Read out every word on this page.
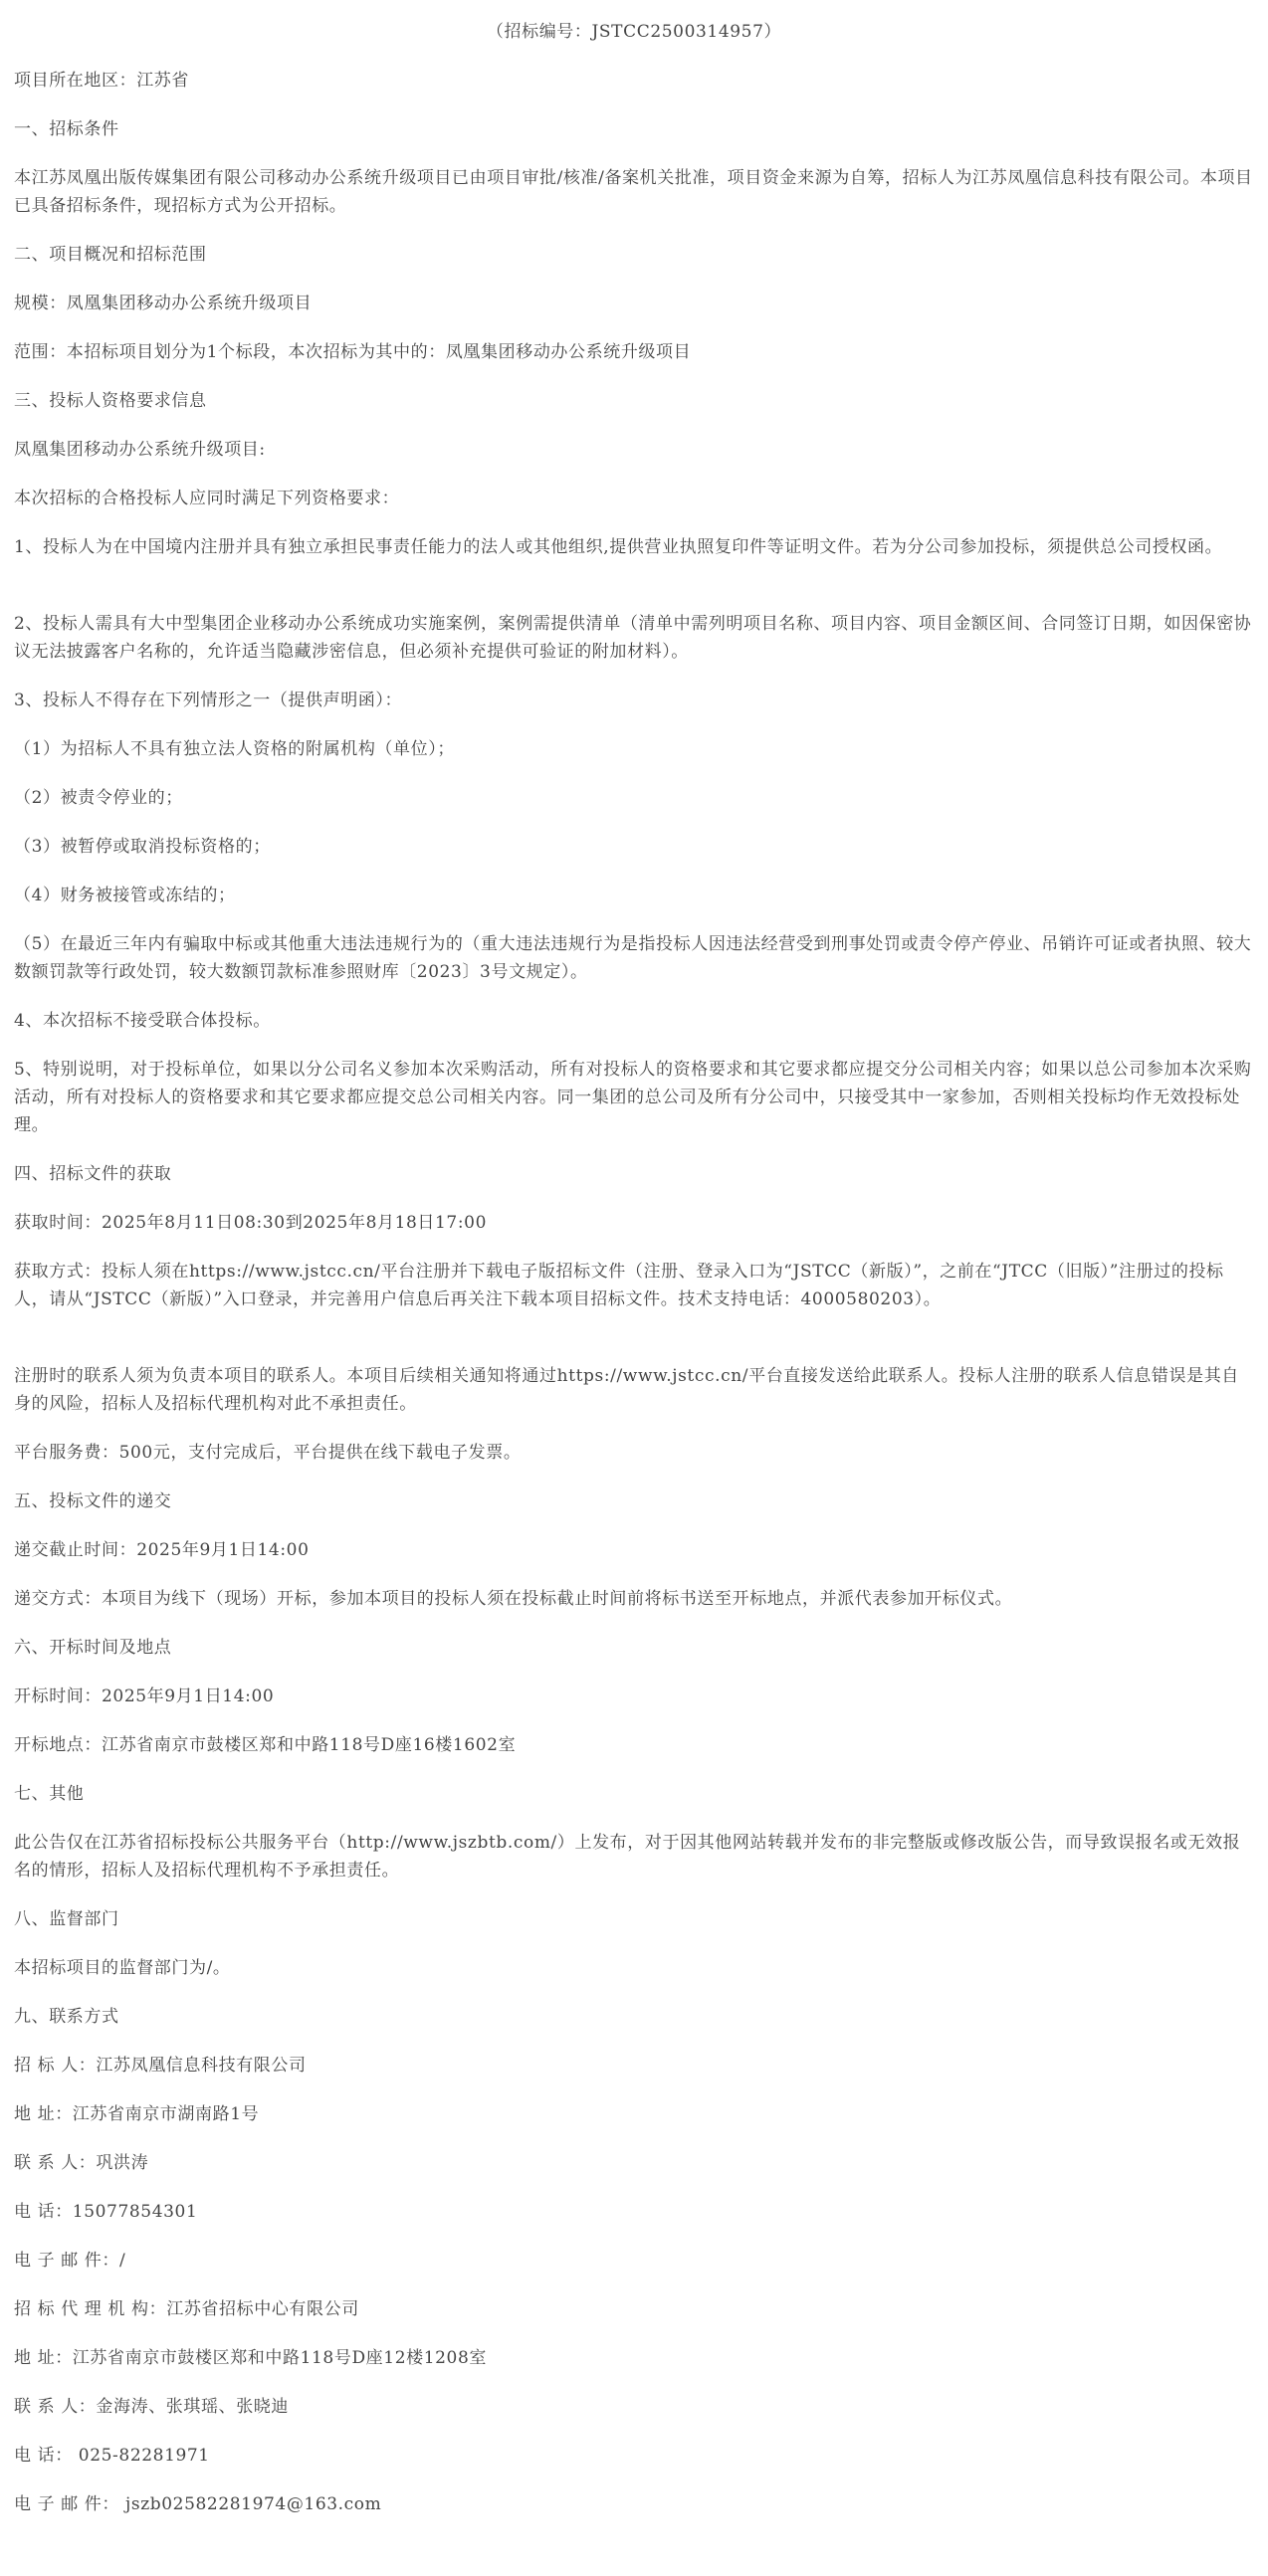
（招标编号：JSTCC2500314957）

项目所在地区：江苏省

一、招标条件

本江苏凤凰出版传媒集团有限公司移动办公系统升级项目已由项目审批/核准/备案机关批准，项目资金来源为自筹，招标人为江苏凤凰信息科技有限公司。本项目已具备招标条件，现招标方式为公开招标。

二、项目概况和招标范围

规模：凤凰集团移动办公系统升级项目

范围：本招标项目划分为1个标段，本次招标为其中的：凤凰集团移动办公系统升级项目

三、投标人资格要求信息

凤凰集团移动办公系统升级项目:

本次招标的合格投标人应同时满足下列资格要求：

1、投标人为在中国境内注册并具有独立承担民事责任能力的法人或其他组织,提供营业执照复印件等证明文件。若为分公司参加投标，须提供总公司授权函。

2、投标人需具有大中型集团企业移动办公系统成功实施案例，案例需提供清单（清单中需列明项目名称、项目内容、项目金额区间、合同签订日期，如因保密协议无法披露客户名称的，允许适当隐藏涉密信息，但必须补充提供可验证的附加材料）。

3、投标人不得存在下列情形之一（提供声明函）：

（1）为招标人不具有独立法人资格的附属机构（单位）；

（2）被责令停业的；

（3）被暂停或取消投标资格的；

（4）财务被接管或冻结的；

（5）在最近三年内有骗取中标或其他重大违法违规行为的（重大违法违规行为是指投标人因违法经营受到刑事处罚或责令停产停业、吊销许可证或者执照、较大数额罚款等行政处罚，较大数额罚款标准参照财库〔2023〕3号文规定）。

4、本次招标不接受联合体投标。

5、特别说明，对于投标单位，如果以分公司名义参加本次采购活动，所有对投标人的资格要求和其它要求都应提交分公司相关内容；如果以总公司参加本次采购活动，所有对投标人的资格要求和其它要求都应提交总公司相关内容。同一集团的总公司及所有分公司中，只接受其中一家参加，否则相关投标均作无效投标处理。

四、招标文件的获取

获取时间：2025年8月11日08:30到2025年8月18日17:00

获取方式：投标人须在https://www.jstcc.cn/平台注册并下载电子版招标文件（注册、登录入口为“JSTCC（新版）”，之前在“JTCC（旧版）”注册过的投标人，请从“JSTCC（新版）”入口登录，并完善用户信息后再关注下载本项目招标文件。技术支持电话：4000580203）。

注册时的联系人须为负责本项目的联系人。本项目后续相关通知将通过https://www.jstcc.cn/平台直接发送给此联系人。投标人注册的联系人信息错误是其自身的风险，招标人及招标代理机构对此不承担责任。

平台服务费：500元，支付完成后，平台提供在线下载电子发票。

五、投标文件的递交

递交截止时间：2025年9月1日14:00

递交方式：本项目为线下（现场）开标，参加本项目的投标人须在投标截止时间前将标书送至开标地点，并派代表参加开标仪式。

六、开标时间及地点

开标时间：2025年9月1日14:00

开标地点：江苏省南京市鼓楼区郑和中路118号D座16楼1602室

七、其他

此公告仅在江苏省招标投标公共服务平台（http://www.jszbtb.com/）上发布，对于因其他网站转载并发布的非完整版或修改版公告，而导致误报名或无效报名的情形，招标人及招标代理机构不予承担责任。

八、监督部门

本招标项目的监督部门为/。

九、联系方式

招 标 人：江苏凤凰信息科技有限公司

地 址：江苏省南京市湖南路1号

联 系 人：巩洪涛

电 话：15077854301

电 子 邮 件：/

招 标 代 理 机 构：江苏省招标中心有限公司

地 址：江苏省南京市鼓楼区郑和中路118号D座12楼1208室

联 系 人：金海涛、张琪瑶、张晓迪

电 话： 025-82281971

电 子 邮 件： jszb02582281974@163.com
